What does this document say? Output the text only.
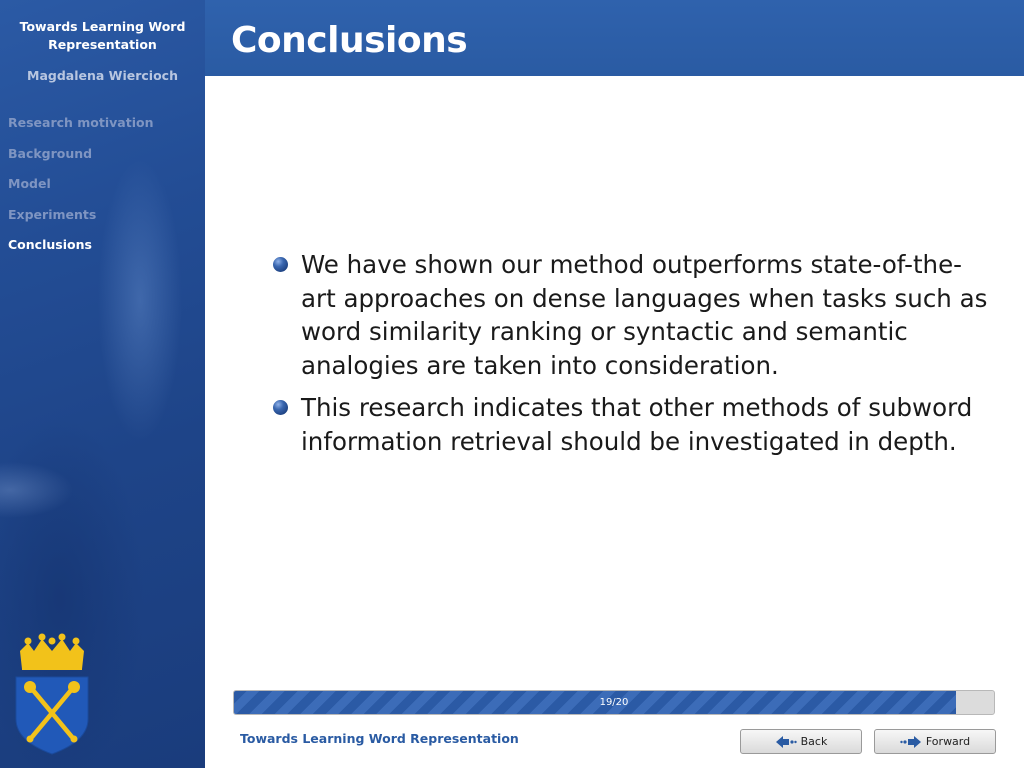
Towards Learning Word Representation
Magdalena Wiercioch
Research motivation
Background
Model
Experiments
Conclusions
Conclusions
We have shown our method outperforms state-of-the-art approaches on dense languages when tasks such as word similarity ranking or syntactic and semantic analogies are taken into consideration.
This research indicates that other methods of subword information retrieval should be investigated in depth.
19/20
Towards Learning Word Representation	Back	Forward
